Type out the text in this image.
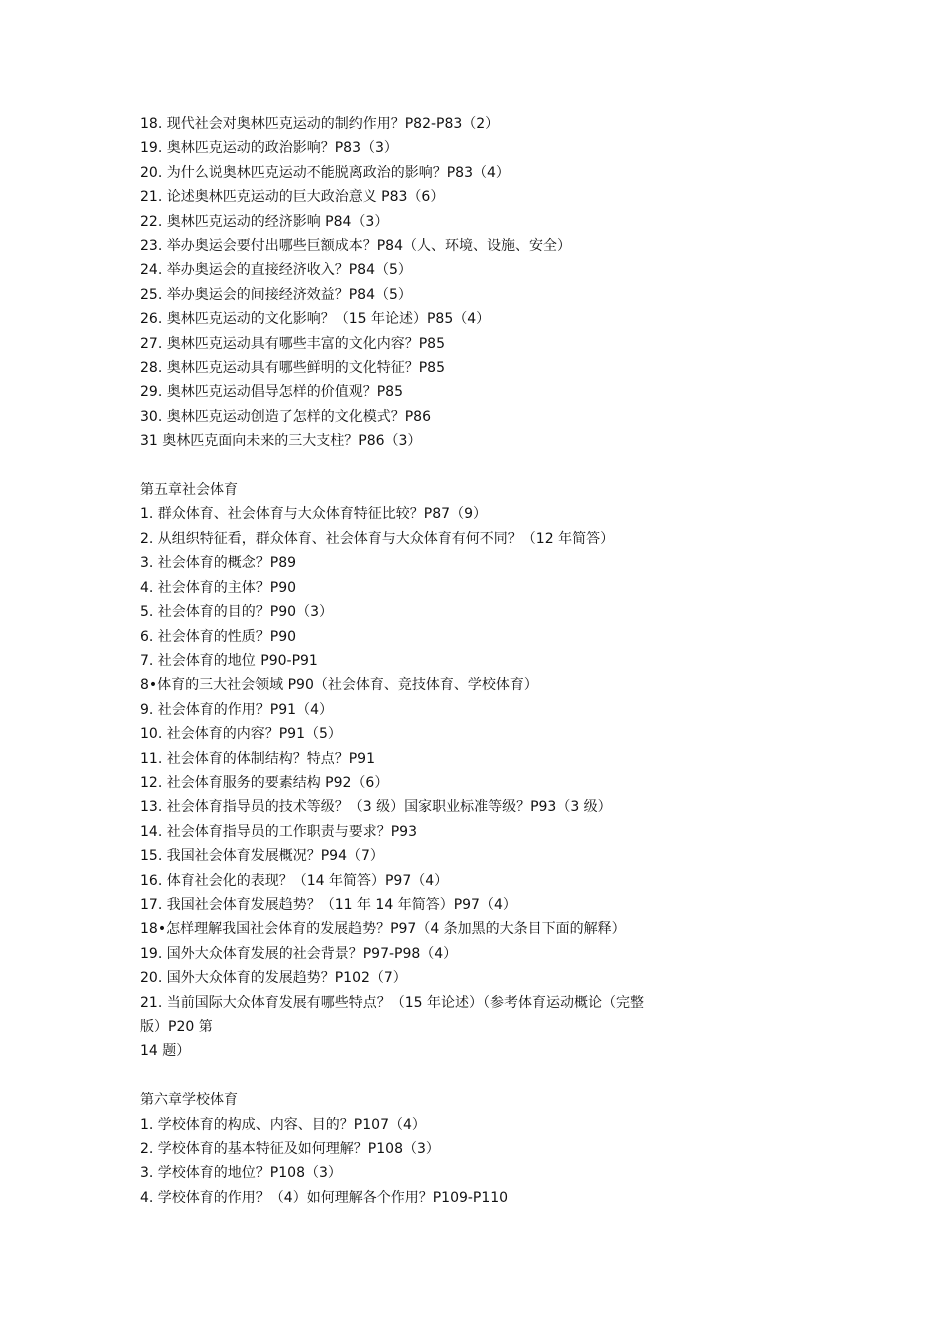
18. 现代社会对奥林匹克运动的制约作用？P82-P83（2）
19. 奥林匹克运动的政治影响？P83（3）
20. 为什么说奥林匹克运动不能脱离政治的影响？P83（4）
21. 论述奥林匹克运动的巨大政治意义 P83（6）
22. 奥林匹克运动的经济影响 P84（3）
23. 举办奥运会要付出哪些巨额成本？P84（人、环境、设施、安全）
24. 举办奥运会的直接经济收入？P84（5）
25. 举办奥运会的间接经济效益？P84（5）
26. 奥林匹克运动的文化影响？（15 年论述）P85（4）
27. 奥林匹克运动具有哪些丰富的文化内容？P85
28. 奥林匹克运动具有哪些鲜明的文化特征？P85
29. 奥林匹克运动倡导怎样的价值观？P85
30. 奥林匹克运动创造了怎样的文化模式？P86
31 奥林匹克面向未来的三大支柱？P86（3）
第五章社会体育
1. 群众体育、社会体育与大众体育特征比较？P87（9）
2. 从组织特征看，群众体育、社会体育与大众体育有何不同？（12 年简答）
3. 社会体育的概念？P89
4. 社会体育的主体？P90
5. 社会体育的目的？P90（3）
6. 社会体育的性质？P90
7. 社会体育的地位 P90-P91
8•体育的三大社会领域 P90（社会体育、竞技体育、学校体育）
9. 社会体育的作用？P91（4）
10. 社会体育的内容？P91（5）
11. 社会体育的体制结构？特点？P91
12. 社会体育服务的要素结构 P92（6）
13. 社会体育指导员的技术等级？（3 级）国家职业标准等级？P93（3 级）
14. 社会体育指导员的工作职责与要求？P93
15. 我国社会体育发展概况？P94（7）
16. 体育社会化的表现？（14 年简答）P97（4）
17. 我国社会体育发展趋势？（11 年 14 年简答）P97（4）
18•怎样理解我国社会体育的发展趋势？P97（4 条加黑的大条目下面的解释）
19. 国外大众体育发展的社会背景？P97-P98（4）
20. 国外大众体育的发展趋势？P102（7）
21. 当前国际大众体育发展有哪些特点？（15 年论述）（参考体育运动概论（完整
版）P20 第
14 题）
第六章学校体育
1. 学校体育的构成、内容、目的？P107（4）
2. 学校体育的基本特征及如何理解？P108（3）
3. 学校体育的地位？P108（3）
4. 学校体育的作用？（4）如何理解各个作用？P109-P110
